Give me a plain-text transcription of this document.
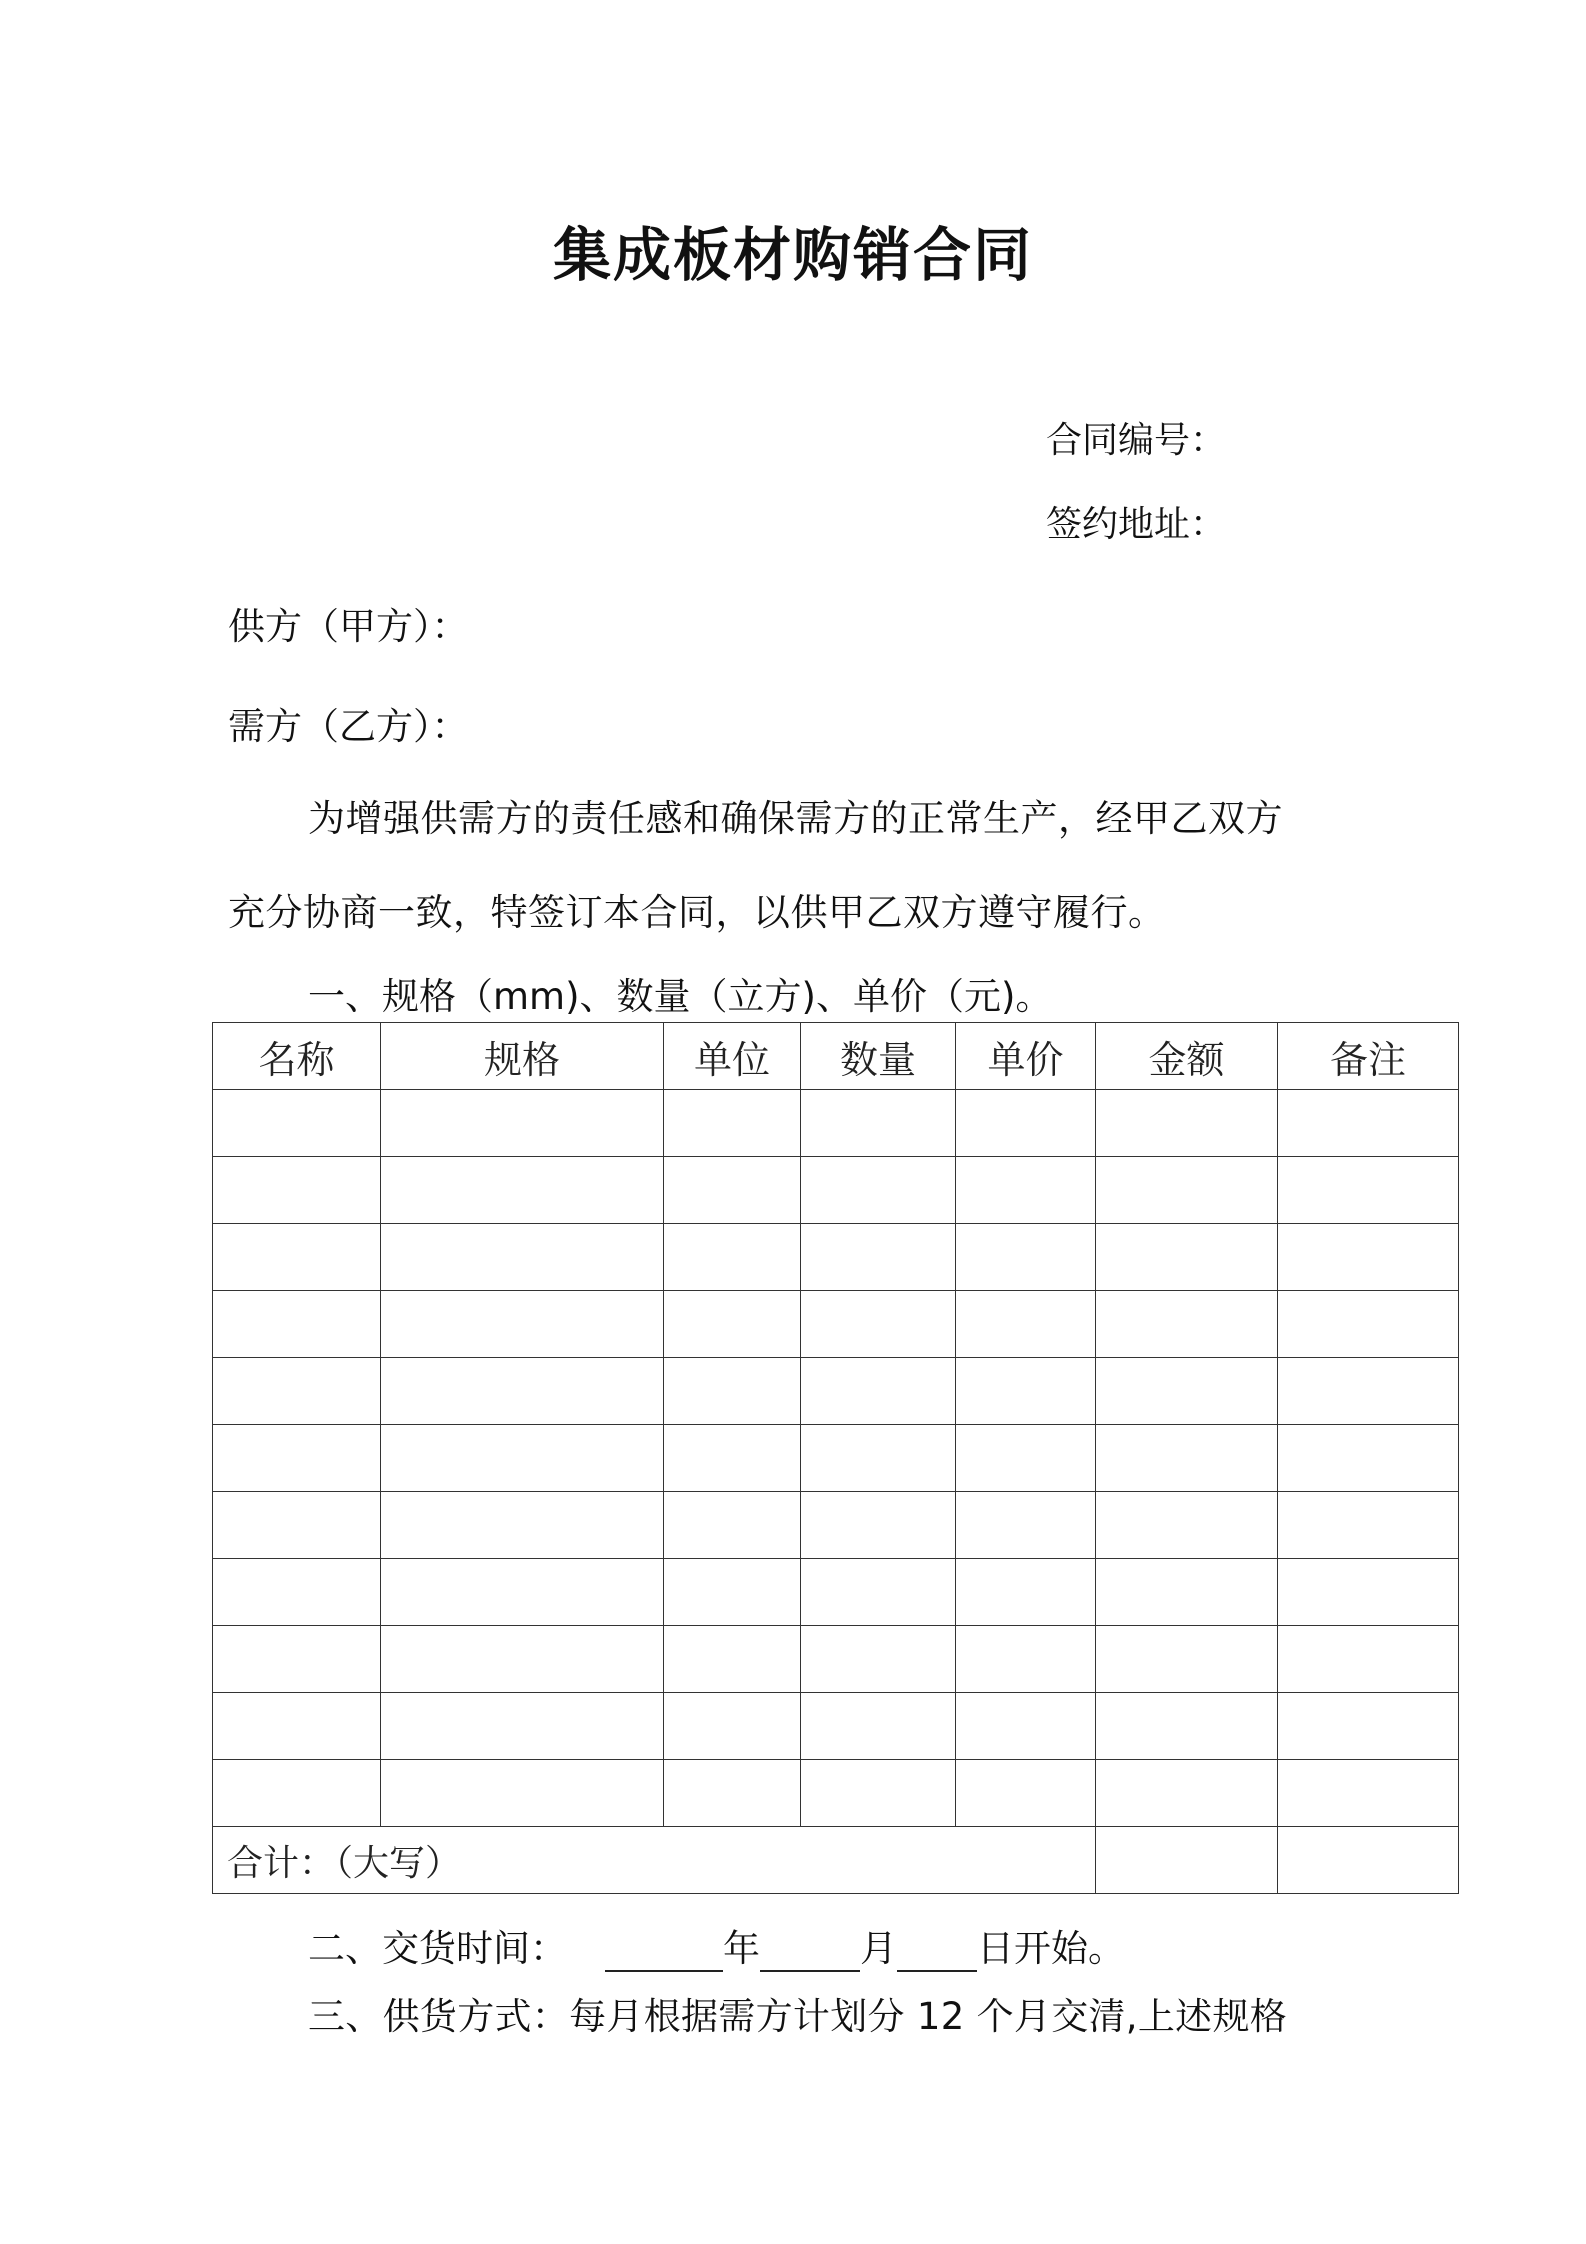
集成板材购销合同
合同编号：
签约地址：
供方（甲方）：
需方（乙方）：
为增强供需方的责任感和确保需方的正常生产，经甲乙双方
充分协商一致，特签订本合同，以供甲乙双方遵守履行。
一、规格（mm)、数量（立方)、单价（元)。
名称	规格	单位	数量	单价	金额	备注

合计：（大写）						
二、交货时间：	年	月 日开始。
三、供货方式：每月根据需方计划分 12 个月交清,上述规格
